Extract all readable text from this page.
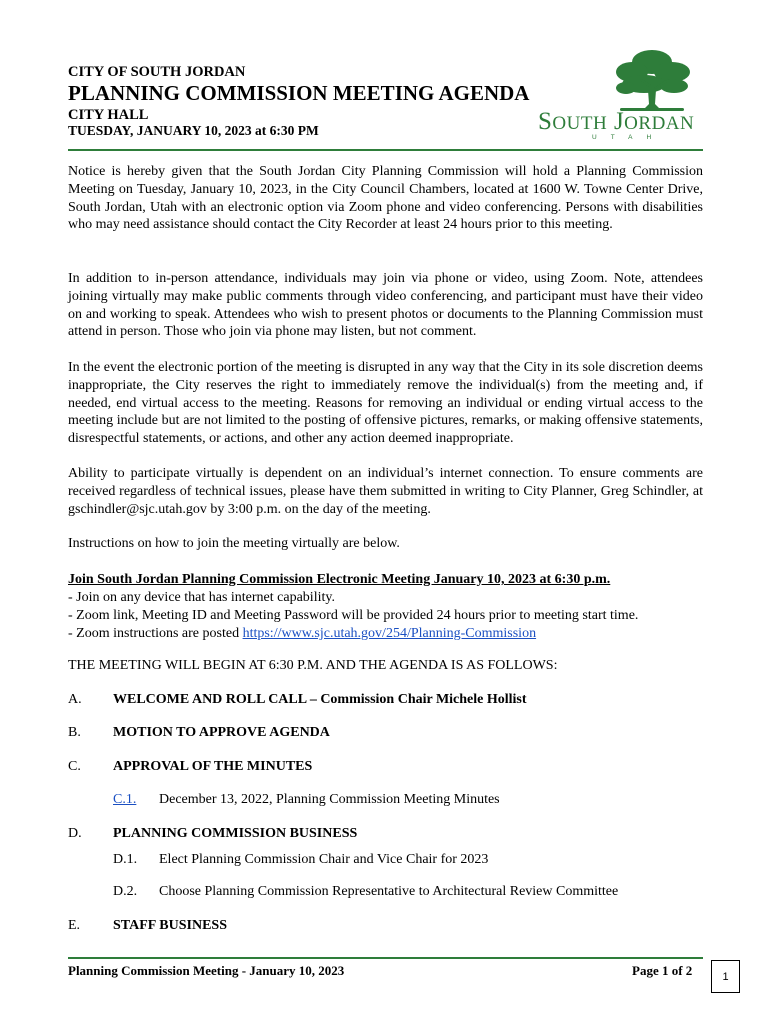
CITY OF SOUTH JORDAN
PLANNING COMMISSION MEETING AGENDA
CITY HALL
TUESDAY, JANUARY 10, 2023 at 6:30 PM	SOUTH JORDAN
UTAH
Notice is hereby given that the South Jordan City Planning Commission will hold a Planning Commission Meeting on Tuesday, January 10, 2023, in the City Council Chambers, located at 1600 W. Towne Center Drive, South Jordan, Utah with an electronic option via Zoom phone and video conferencing. Persons with disabilities who may need assistance should contact the City Recorder at least 24 hours prior to this meeting.
In addition to in-person attendance, individuals may join via phone or video, using Zoom. Note, attendees joining virtually may make public comments through video conferencing, and participant must have their video on and working to speak. Attendees who wish to present photos or documents to the Planning Commission must attend in person. Those who join via phone may listen, but not comment.
In the event the electronic portion of the meeting is disrupted in any way that the City in its sole discretion deems inappropriate, the City reserves the right to immediately remove the individual(s) from the meeting and, if needed, end virtual access to the meeting. Reasons for removing an individual or ending virtual access to the meeting include but are not limited to the posting of offensive pictures, remarks, or making offensive statements, disrespectful statements, or actions, and other any action deemed inappropriate.
Ability to participate virtually is dependent on an individual’s internet connection. To ensure comments are received regardless of technical issues, please have them submitted in writing to City Planner, Greg Schindler, at gschindler@sjc.utah.gov by 3:00 p.m. on the day of the meeting.
Instructions on how to join the meeting virtually are below.
Join South Jordan Planning Commission Electronic Meeting January 10, 2023 at 6:30 p.m.
- Join on any device that has internet capability.
- Zoom link, Meeting ID and Meeting Password will be provided 24 hours prior to meeting start time.
- Zoom instructions are posted https://www.sjc.utah.gov/254/Planning-Commission
THE MEETING WILL BEGIN AT 6:30 P.M. AND THE AGENDA IS AS FOLLOWS:
A. WELCOME AND ROLL CALL – Commission Chair Michele Hollist
B. MOTION TO APPROVE AGENDA
C. APPROVAL OF THE MINUTES
C.1. December 13, 2022, Planning Commission Meeting Minutes
D. PLANNING COMMISSION BUSINESS
D.1. Elect Planning Commission Chair and Vice Chair for 2023
D.2. Choose Planning Commission Representative to Architectural Review Committee
E. STAFF BUSINESS
Planning Commission Meeting - January 10, 2023	Page 1 of 2	1
